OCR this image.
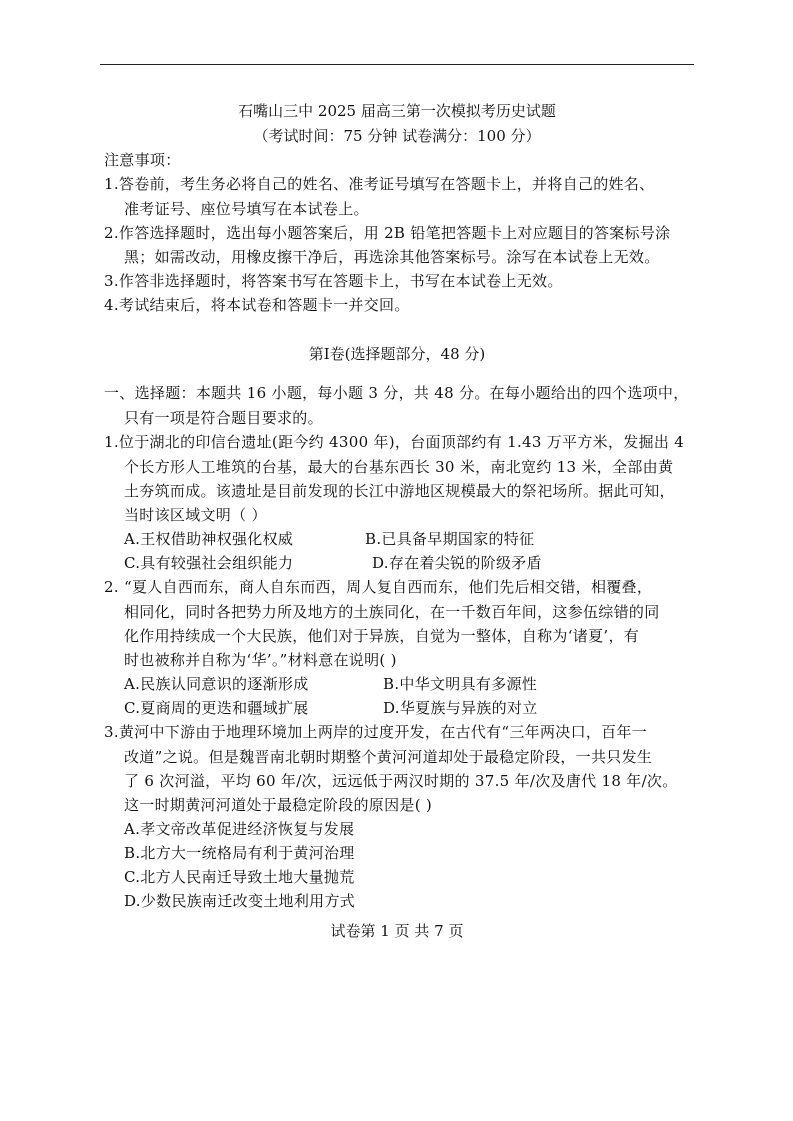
石嘴山三中 2025 届高三第一次模拟考历史试题
（考试时间：75 分钟 试卷满分：100 分）
注意事项：
1.答卷前，考生务必将自己的姓名、准考证号填写在答题卡上，并将自己的姓名、
准考证号、座位号填写在本试卷上。
2.作答选择题时，选出每小题答案后，用 2B 铅笔把答题卡上对应题目的答案标号涂
黑；如需改动，用橡皮擦干净后，再选涂其他答案标号。涂写在本试卷上无效。
3.作答非选择题时，将答案书写在答题卡上，书写在本试卷上无效。
4.考试结束后，将本试卷和答题卡一并交回。
第Ⅰ卷(选择题部分，48 分)
一、选择题：本题共 16 小题，每小题 3 分，共 48 分。在每小题给出的四个选项中，
只有一项是符合题目要求的。
1.位于湖北的印信台遗址(距今约 4300 年)，台面顶部约有 1.43 万平方米，发掘出 4
个长方形人工堆筑的台基，最大的台基东西长 30 米，南北宽约 13 米，全部由黄
土夯筑而成。该遗址是目前发现的长江中游地区规模最大的祭祀场所。据此可知，
当时该区域文明（ ）
A.王权借助神权强化权威	B.已具备早期国家的特征
C.具有较强社会组织能力	D.存在着尖锐的阶级矛盾
2. “夏人自西而东，商人自东而西，周人复自西而东，他们先后相交错，相覆叠，
相同化，同时各把势力所及地方的土族同化，在一千数百年间，这参伍综错的同
化作用持续成一个大民族，他们对于异族，自觉为一整体，自称为‘诸夏’，有
时也被称并自称为‘华’。”材料意在说明( )
A.民族认同意识的逐渐形成	B.中华文明具有多源性
C.夏商周的更迭和疆域扩展	D.华夏族与异族的对立
3.黄河中下游由于地理环境加上两岸的过度开发，在古代有“三年两决口，百年一
改道”之说。但是魏晋南北朝时期整个黄河河道却处于最稳定阶段，一共只发生
了 6 次河溢，平均 60 年/次，远远低于两汉时期的 37.5 年/次及唐代 18 年/次。
这一时期黄河河道处于最稳定阶段的原因是( )
A.孝文帝改革促进经济恢复与发展
B.北方大一统格局有利于黄河治理
C.北方人民南迁导致土地大量抛荒
D.少数民族南迁改变土地利用方式
试卷第 1 页 共 7 页
